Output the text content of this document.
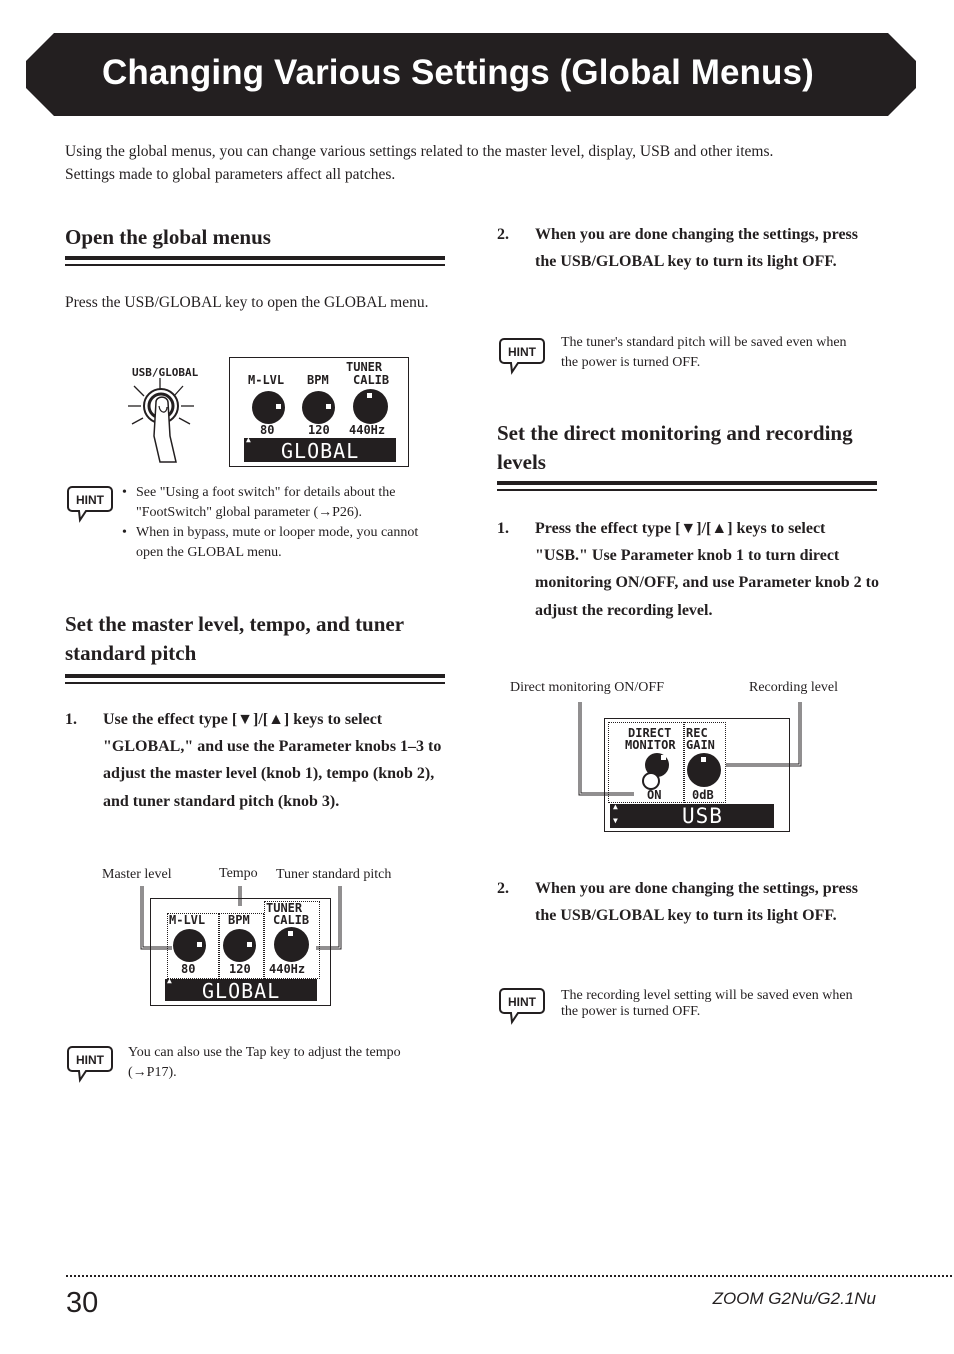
Changing Various Settings (Global Menus)
Using the global menus, you can change various settings related to the master level, display, USB and other items.
Settings made to global parameters affect all patches.
Open the global menus
Press the USB/GLOBAL key to open the GLOBAL menu.
USB/GLOBAL	TUNER
M-LVL BPM CALIB
80	120 440Hz
▲ GLOBAL
HINT
•	See "Using a foot switch" for details about the "FootSwitch" global parameter (→P26).
• When in bypass, mute or looper mode, you cannot open the GLOBAL menu.
Set the master level, tempo, and tuner standard pitch
1. Use the effect type [▼]/[▲] keys to select "GLOBAL," and use the Parameter knobs 1–3 to adjust the master level (knob 1), tempo (knob 2), and tuner standard pitch (knob 3).
Master level	Tempo Tuner standard pitch
TUNER
M-LVL BPM CALIB
80	120 440Hz
▲ GLOBAL
HINT You can also use the Tap key to adjust the tempo (→P17).
2. When you are done changing the settings, press the USB/GLOBAL key to turn its light OFF.
HINT
The tuner's standard pitch will be saved even when the power is turned OFF.
Set the direct monitoring and recording levels
1. Press the effect type [▼]/[▲] keys to select "USB." Use Parameter knob 1 to turn direct monitoring ON/OFF, and use Parameter knob 2 to adjust the recording level.
Direct monitoring ON/OFF	Recording level
DIRECT
MONITOR
REC
GAIN
ON	0dB
▲
▼	USB
2. When you are done changing the settings, press the USB/GLOBAL key to turn its light OFF.
HINT The recording level setting will be saved even when the power is turned OFF.
30	ZOOM G2Nu/G2.1Nu
